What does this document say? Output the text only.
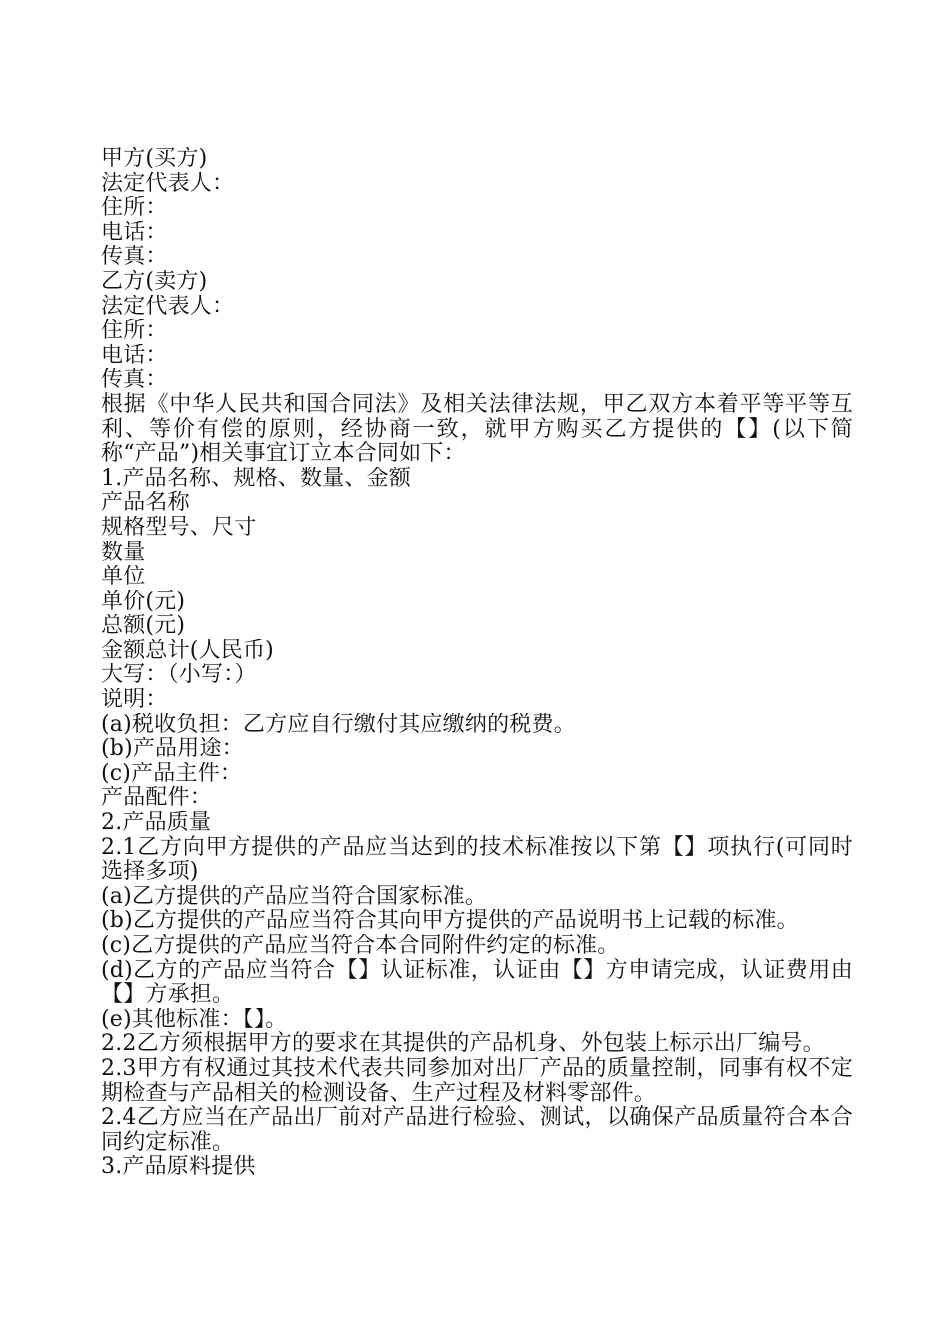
甲方(买方)
法定代表人：
住所：
电话：
传真：
乙方(卖方)
法定代表人：
住所：
电话：
传真：
根据《中华人民共和国合同法》及相关法律法规，甲乙双方本着平等平等互利、等价有偿的原则，经协商一致，就甲方购买乙方提供的【】(以下简称“产品”)相关事宜订立本合同如下：
1.产品名称、规格、数量、金额
产品名称
规格型号、尺寸
数量
单位
单价(元)
总额(元)
金额总计(人民币)
大写：（小写：）
说明：
(a)税收负担：乙方应自行缴付其应缴纳的税费。
(b)产品用途：
(c)产品主件：
产品配件：
2.产品质量
2.1乙方向甲方提供的产品应当达到的技术标准按以下第【】项执行(可同时选择多项)
(a)乙方提供的产品应当符合国家标准。
(b)乙方提供的产品应当符合其向甲方提供的产品说明书上记载的标准。
(c)乙方提供的产品应当符合本合同附件约定的标准。
(d)乙方的产品应当符合【】认证标准，认证由【】方申请完成，认证费用由【】方承担。
(e)其他标准：【】。
2.2乙方须根据甲方的要求在其提供的产品机身、外包装上标示出厂编号。
2.3甲方有权通过其技术代表共同参加对出厂产品的质量控制，同事有权不定期检查与产品相关的检测设备、生产过程及材料零部件。
2.4乙方应当在产品出厂前对产品进行检验、测试，以确保产品质量符合本合同约定标准。
3.产品原料提供
